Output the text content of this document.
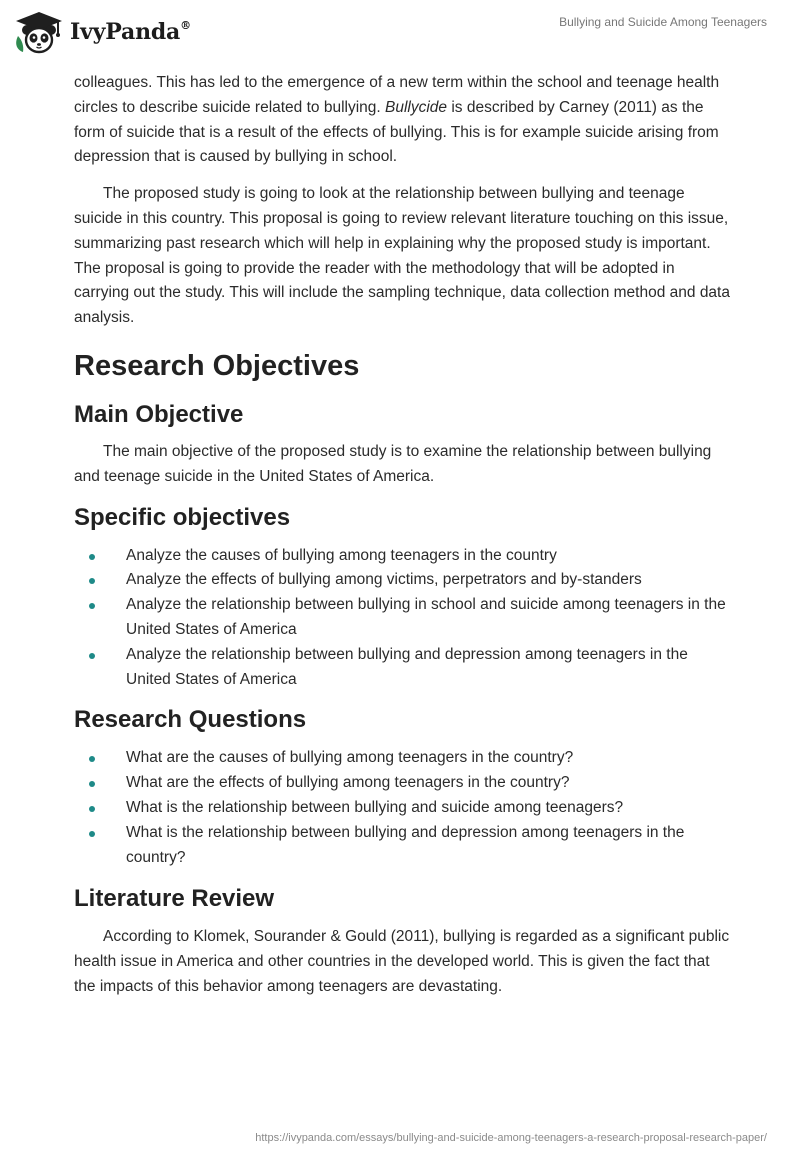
IvyPanda®	Bullying and Suicide Among Teenagers

colleagues. This has led to the emergence of a new term within the school and teenage health circles to describe suicide related to bullying. Bullycide is described by Carney (2011) as the form of suicide that is a result of the effects of bullying. This is for example suicide arising from depression that is caused by bullying in school.

The proposed study is going to look at the relationship between bullying and teenage suicide in this country. This proposal is going to review relevant literature touching on this issue, summarizing past research which will help in explaining why the proposed study is important. The proposal is going to provide the reader with the methodology that will be adopted in carrying out the study. This will include the sampling technique, data collection method and data analysis.

Research Objectives
Main Objective

The main objective of the proposed study is to examine the relationship between bullying and teenage suicide in the United States of America.

Specific objectives
Analyze the causes of bullying among teenagers in the country
Analyze the effects of bullying among victims, perpetrators and by-standers
Analyze the relationship between bullying in school and suicide among teenagers in the United States of America
Analyze the relationship between bullying and depression among teenagers in the United States of America
Research Questions
What are the causes of bullying among teenagers in the country?
What are the effects of bullying among teenagers in the country?
What is the relationship between bullying and suicide among teenagers?
What is the relationship between bullying and depression among teenagers in the country?
Literature Review

According to Klomek, Sourander & Gould (2011), bullying is regarded as a significant public health issue in America and other countries in the developed world. This is given the fact that the impacts of this behavior among teenagers are devastating.

https://ivypanda.com/essays/bullying-and-suicide-among-teenagers-a-research-proposal-research-paper/
